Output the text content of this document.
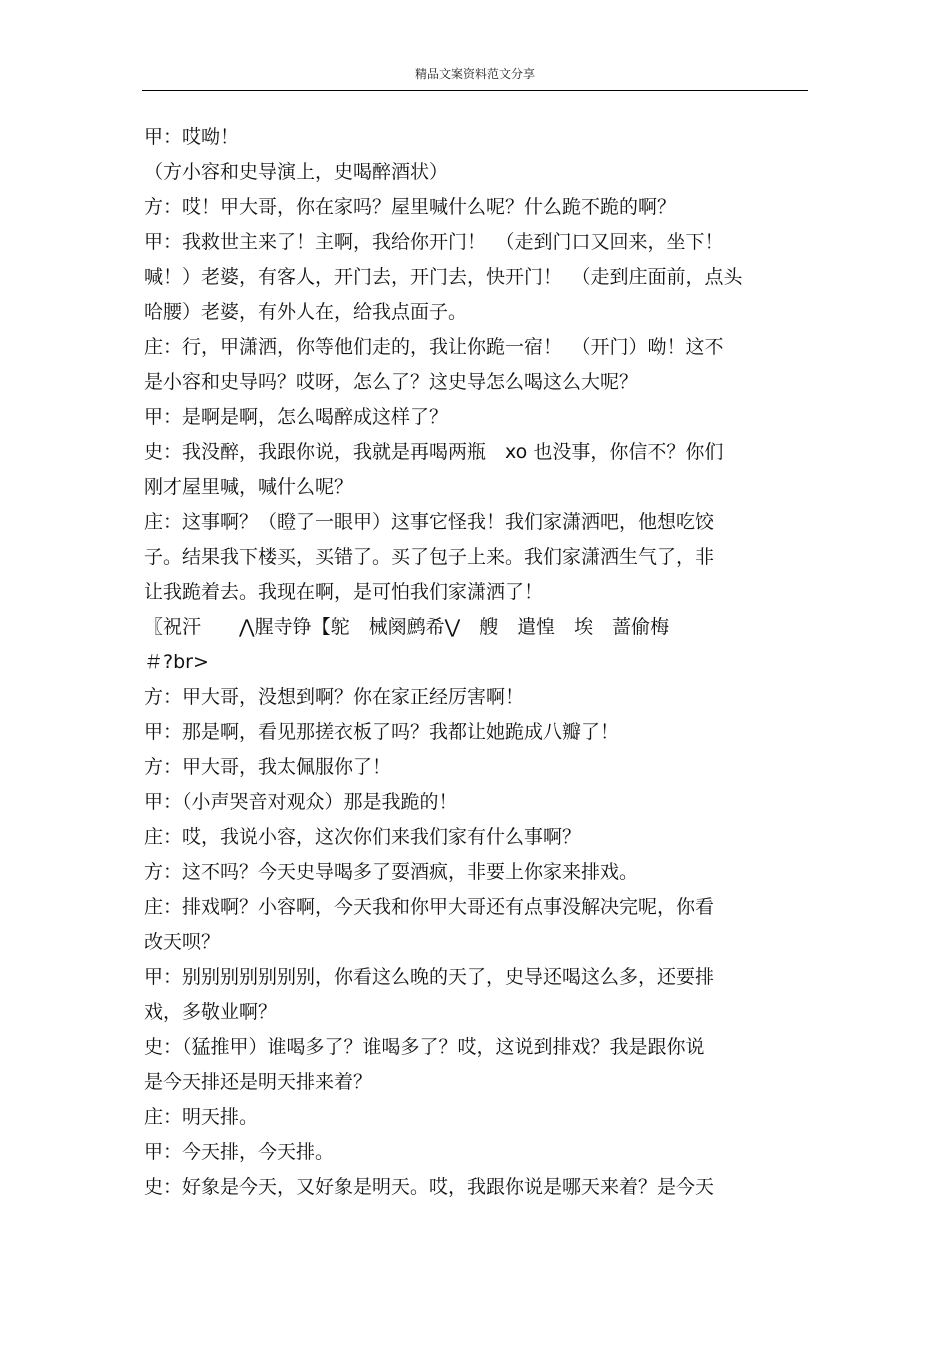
精品文案资料范文分享
甲：哎呦！
（方小容和史导演上，史喝醉酒状）
方：哎！甲大哥，你在家吗？屋里喊什么呢？什么跪不跪的啊？
甲：我救世主来了！主啊，我给你开门！　（走到门口又回来，坐下！
喊！）老婆，有客人，开门去，开门去，快开门！　（走到庄面前，点头
哈腰）老婆，有外人在，给我点面子。
庄：行，甲潇洒，你等他们走的，我让你跪一宿！　（开门）呦！这不
是小容和史导吗？哎呀，怎么了？这史导怎么喝这么大呢？
甲：是啊是啊，怎么喝醉成这样了？
史：我没醉，我跟你说，我就是再喝两瓶　xo 也没事，你信不？你们
刚才屋里喊，喊什么呢？
庄：这事啊？（瞪了一眼甲）这事它怪我！我们家潇洒吧，他想吃饺
子。结果我下楼买，买错了。买了包子上来。我们家潇洒生气了，非
让我跪着去。我现在啊，是可怕我们家潇洒了！
〖祝汗　　⋀腥寺铮【鸵　械阕鹧希⋁　艘　遣惶　埃　蔷偷梅
＃?br>
方：甲大哥，没想到啊？你在家正经厉害啊！
甲：那是啊，看见那搓衣板了吗？我都让她跪成八瓣了！
方：甲大哥，我太佩服你了！
甲：（小声哭音对观众）那是我跪的！
庄：哎，我说小容，这次你们来我们家有什么事啊？
方：这不吗？今天史导喝多了耍酒疯，非要上你家来排戏。
庄：排戏啊？小容啊，今天我和你甲大哥还有点事没解决完呢，你看
改天呗？
甲：别别别别别别别，你看这么晚的天了，史导还喝这么多，还要排
戏，多敬业啊？
史：（猛推甲）谁喝多了？谁喝多了？哎，这说到排戏？我是跟你说
是今天排还是明天排来着？
庄：明天排。
甲：今天排，今天排。
史：好象是今天，又好象是明天。哎，我跟你说是哪天来着？是今天
